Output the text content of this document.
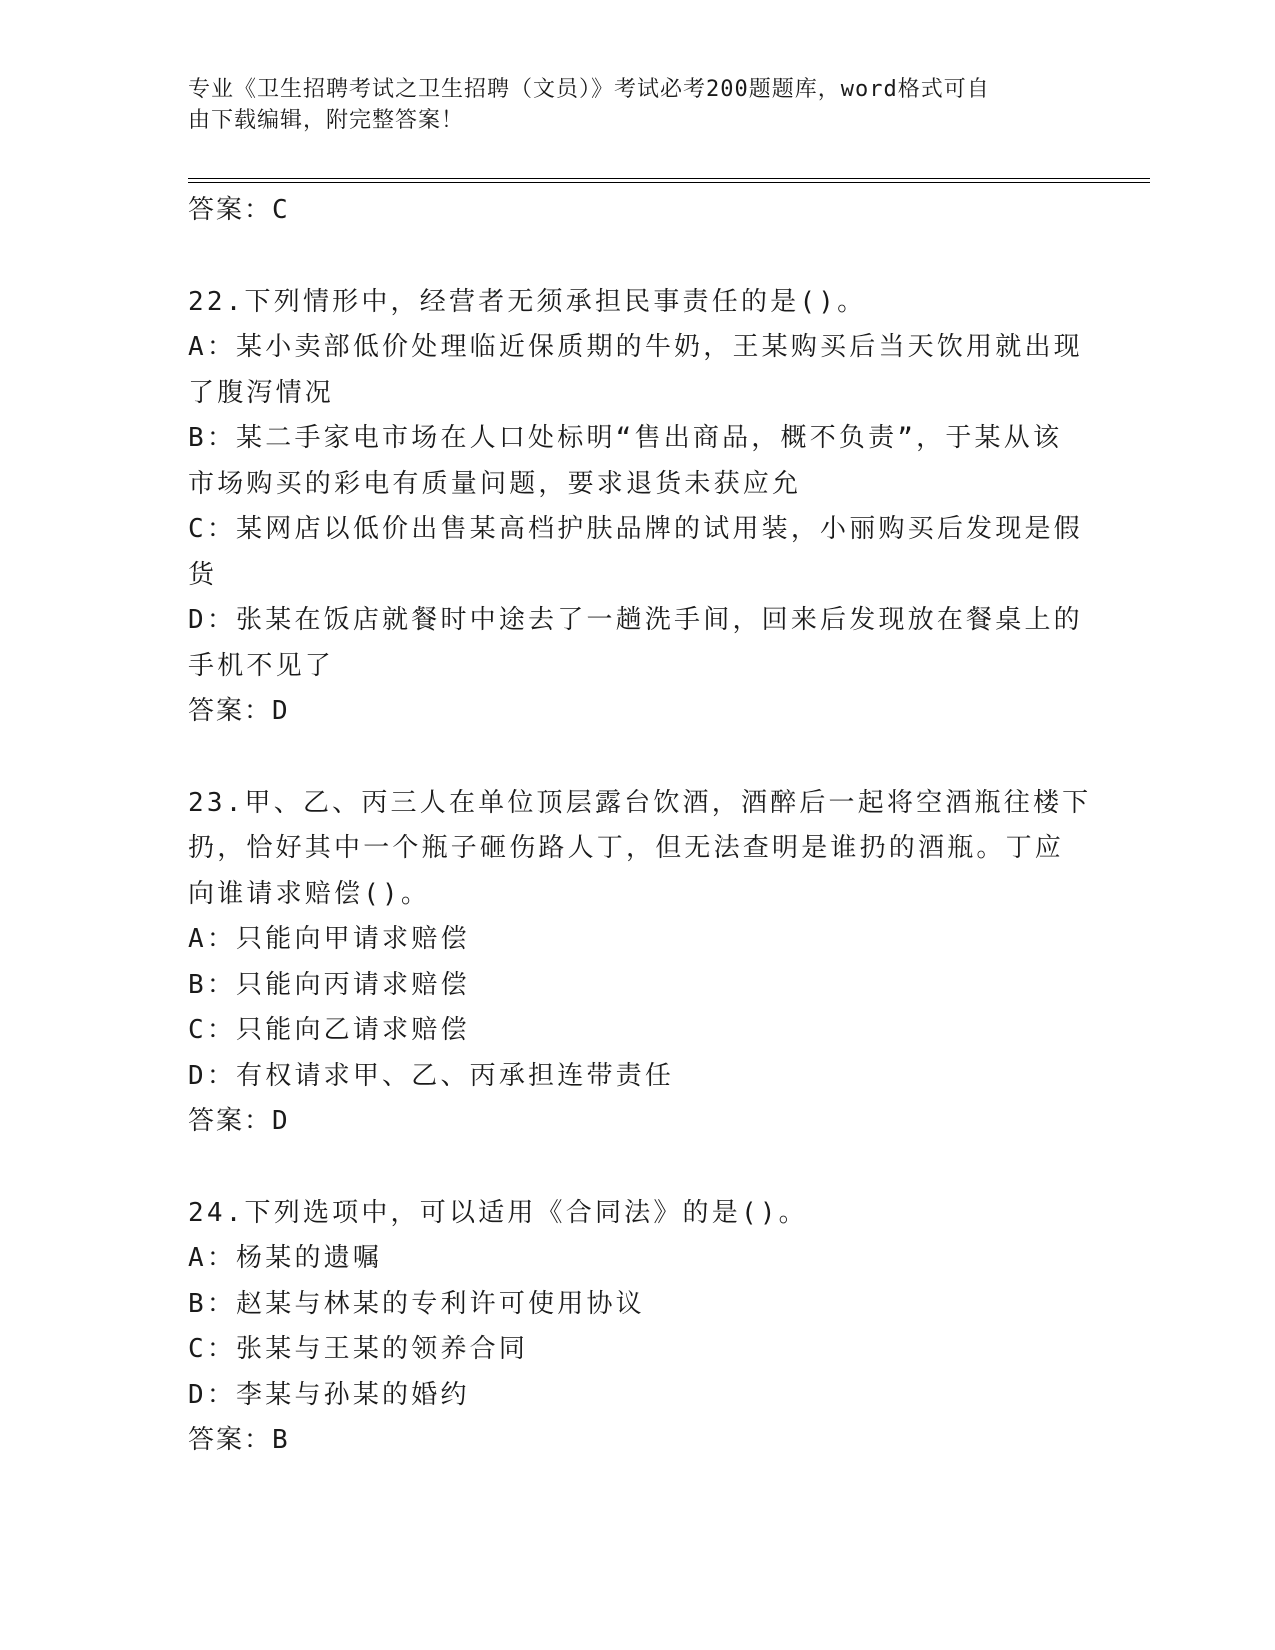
专业《卫生招聘考试之卫生招聘（文员）》考试必考200题题库，word格式可自
由下载编辑，附完整答案！
答案：C
22.下列情形中，经营者无须承担民事责任的是()。
A：某小卖部低价处理临近保质期的牛奶，王某购买后当天饮用就出现
了腹泻情况
B：某二手家电市场在人口处标明“售出商品，概不负责”，于某从该
市场购买的彩电有质量问题，要求退货未获应允
C：某网店以低价出售某高档护肤品牌的试用装，小丽购买后发现是假
货
D：张某在饭店就餐时中途去了一趟洗手间，回来后发现放在餐桌上的
手机不见了
答案：D
23.甲、乙、丙三人在单位顶层露台饮酒，酒醉后一起将空酒瓶往楼下
扔，恰好其中一个瓶子砸伤路人丁，但无法查明是谁扔的酒瓶。丁应
向谁请求赔偿()。
A：只能向甲请求赔偿
B：只能向丙请求赔偿
C：只能向乙请求赔偿
D：有权请求甲、乙、丙承担连带责任
答案：D
24.下列选项中，可以适用《合同法》的是()。
A：杨某的遗嘱
B：赵某与林某的专利许可使用协议
C：张某与王某的领养合同
D：李某与孙某的婚约
答案：B
